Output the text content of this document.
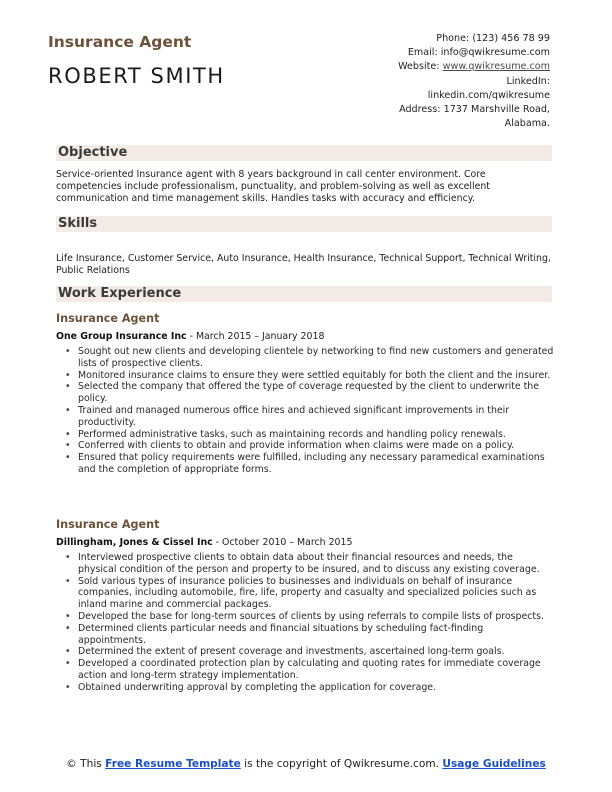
Insurance Agent
ROBERT SMITH
Phone: (123) 456 78 99
Email: info@qwikresume.com
Website: www.qwikresume.com
LinkedIn:
linkedin.com/qwikresume
Address: 1737 Marshville Road,
Alabama.
Objective
Service-oriented Insurance agent with 8 years background in call center environment. Core competencies include professionalism, punctuality, and problem-solving as well as excellent communication and time management skills. Handles tasks with accuracy and efficiency.
Skills
Life Insurance, Customer Service, Auto Insurance, Health Insurance, Technical Support, Technical Writing, Public Relations
Work Experience
Insurance Agent
One Group Insurance Inc - March 2015 – January 2018
• Sought out new clients and developing clientele by networking to find new customers and generated lists of prospective clients.
• Monitored insurance claims to ensure they were settled equitably for both the client and the insurer.
• Selected the company that offered the type of coverage requested by the client to underwrite the policy.
• Trained and managed numerous office hires and achieved significant improvements in their productivity.
• Performed administrative tasks, such as maintaining records and handling policy renewals.
• Conferred with clients to obtain and provide information when claims were made on a policy.
• Ensured that policy requirements were fulfilled, including any necessary paramedical examinations and the completion of appropriate forms.
Insurance Agent
Dillingham, Jones & Cissel Inc - October 2010 – March 2015
• Interviewed prospective clients to obtain data about their financial resources and needs, the physical condition of the person and property to be insured, and to discuss any existing coverage.
• Sold various types of insurance policies to businesses and individuals on behalf of insurance companies, including automobile, fire, life, property and casualty and specialized policies such as inland marine and commercial packages.
• Developed the base for long-term sources of clients by using referrals to compile lists of prospects.
• Determined clients particular needs and financial situations by scheduling fact-finding appointments.
• Determined the extent of present coverage and investments, ascertained long-term goals.
• Developed a coordinated protection plan by calculating and quoting rates for immediate coverage action and long-term strategy implementation.
• Obtained underwriting approval by completing the application for coverage.
© This Free Resume Template is the copyright of Qwikresume.com. Usage Guidelines
